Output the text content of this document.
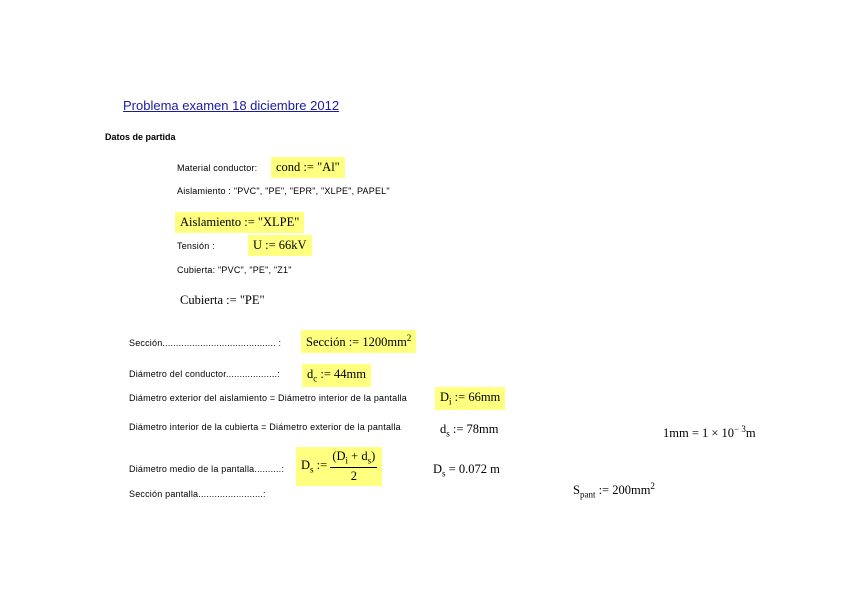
Problema examen 18 diciembre 2012
Datos de partida
Material conductor:	cond := "Al"
Aislamiento : "PVC", "PE", "EPR", "XLPE", PAPEL"
Aislamiento := "XLPE"
Tensión :	U := 66kV
Cubierta: "PVC", "PE", "Z1"
Cubierta := "PE"
Sección.......................................... :	Sección := $1200mm^2$
Diámetro del conductor...................:	$d_c$ := 44mm
Diámetro exterior del aislamiento = Diámetro interior de la pantalla	$D_i$ := 66mm
Diámetro interior de la cubierta = Diámetro exterior de la pantalla	$d_s$ := 78mm	$1mm = 1 \times 10^{- 3}m$
Diámetro medio de la pantalla..........:	$D_s$ := $\frac{(D_i + d_s)}{2}$	$D_s = 0.072$ m
Sección pantalla........................:	$S_{pant}$ := $200mm^2$
